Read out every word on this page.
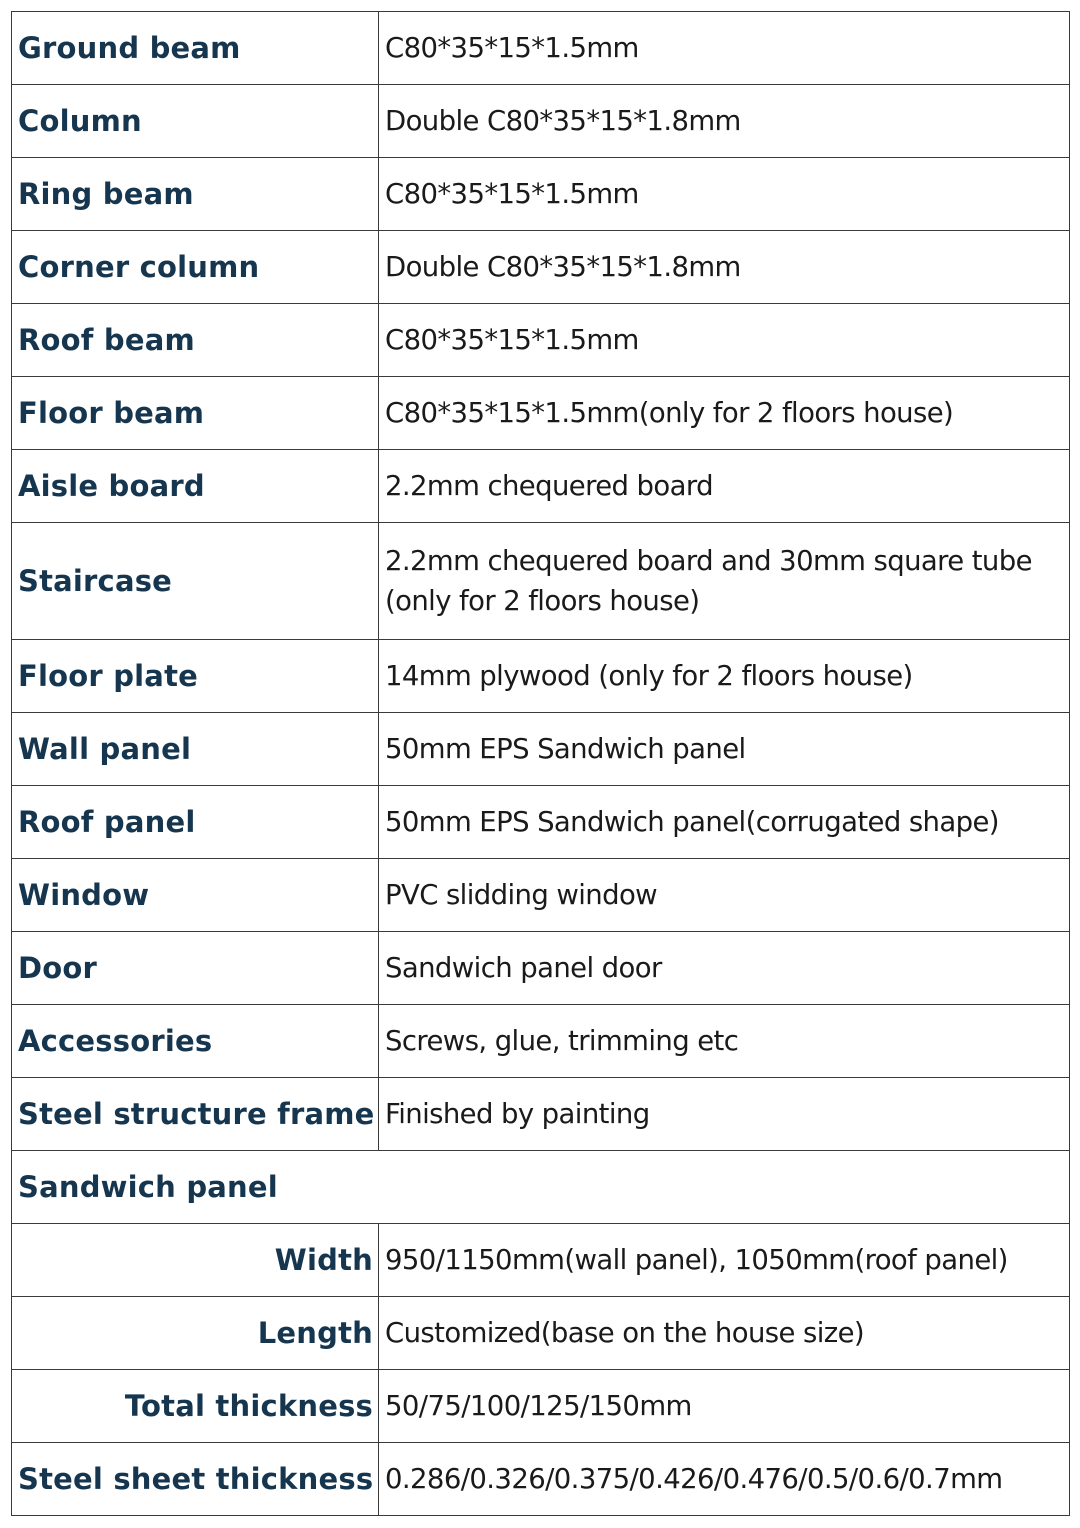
Ground beam	C80*35*15*1.5mm
Column	Double C80*35*15*1.8mm
Ring beam	C80*35*15*1.5mm
Corner column	Double C80*35*15*1.8mm
Roof beam	C80*35*15*1.5mm
Floor beam	C80*35*15*1.5mm(only for 2 floors house)
Aisle board	2.2mm chequered board
Staircase	2.2mm chequered board and 30mm square tube
(only for 2 floors house)

Floor plate	14mm plywood (only for 2 floors house)
Wall panel	50mm EPS Sandwich panel
Roof panel	50mm EPS Sandwich panel(corrugated shape)
Window	PVC slidding window
Door	Sandwich panel door
Accessories	Screws, glue, trimming etc
Steel structure frame	Finished by painting
Sandwich panel	
Width	950/1150mm(wall panel), 1050mm(roof panel)
Length	Customized(base on the house size)
Total thickness	50/75/100/125/150mm
Steel sheet thickness	0.286/0.326/0.375/0.426/0.476/0.5/0.6/0.7mm
